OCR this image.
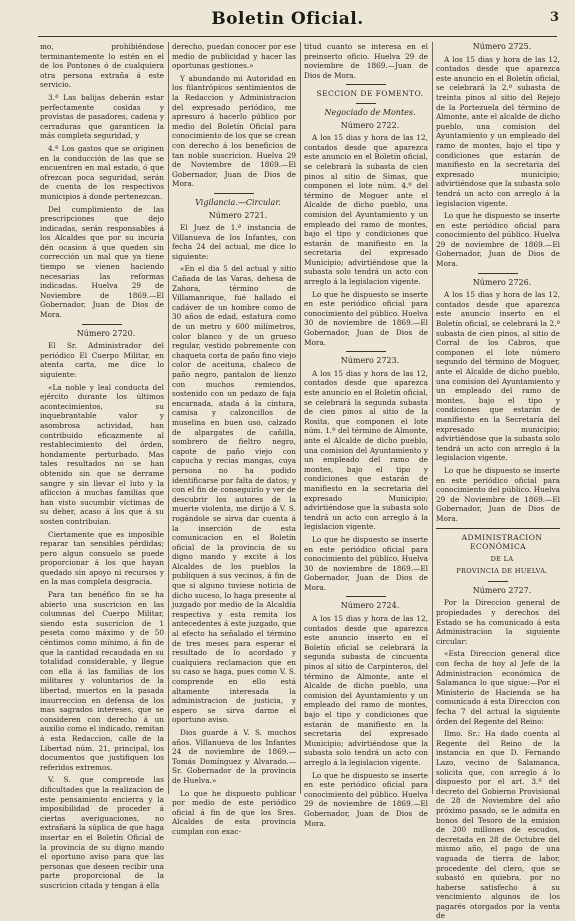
Boletin Oficial.	3

mo, prohibiéndose terminantemente lo estén en el de los Pontones ó de cualquiera otra persona extraña á este servicio.

3.ª Las balijas deberán estar perfectamente cosidas y provistas de pasadores, cadena y cerraduras que garanticen la más completa seguridad, y

4.ª Los gastos que se originen en la conducción de las que se encuentren en mal estado, ó que ofrezcan poca seguridad, serán de cuenta de los respectivos municipios á donde pertenezcan.

Del cumplimiento de las prescripciones que dejo indicadas, serán responsables á los Alcaldes que por su incuria dén ocasion á que queden sin corrección un mal que ya tiene tiempo se vienen haciendo necesarias las reformas indicadas. Huelva 29 de Noviembre de 1869.—El Gobernador, Juan de Dios de Mora.

Número 2720.

El Sr. Administrador del periódico El Cuerpo Militar, en atenta carta, me dice lo siguiente:

«La noble y leal conducta del ejército durante los últimos acontecimientos, su inquebrantable valor y asombrosa actividad, han contribuido eficazmente al restablecimiento del órden, hondamente perturbado. Mas tales resultados no se han obtenido sin que se derrame sangre y sin llevar el luto y la afliccion á muchas familias que han visto sucumbir víctimas de su deber, acaso á los que á su sosten contribuian.

Ciertamente que es imposible reparar tan sensibles pérdidas; pero algun consuelo se puede proporcionar á los que hayan quedado sin apoyo ni recursos y en la mas completa desgracia.

Para tan benéfico fin se ha abierto una suscricion en las columnas del Cuerpo Militar, siendo esta suscricion de 1 peseta como máximo y de 50 céntimos como mínimo, á fin de que la cantidad recaudada en su totalidad considerable, y llegue con ella á las familias de los militares y voluntarios de la libertad, muertos en la pasada insurreccion en defensa de los mas sagrados intereses, que se consideren con derecho á un auxilio como el indicado, remitan á esta Redaccion, calle de la Libertad núm. 21, principal, los documentos que justifiquen los referidos extremos.

V. S. que comprende las dificultades que la realizacion de este pensamiento encierra y la imposibilidad de proceder á ciertas averiguaciones, no extrañará la súplica de que haga insertar en el Boletín Oficial de la provincia de su digno mando el oportuno aviso para que las personas que deseen recibir una parte proporcional de la suscricion citada y tengan á ella

derecho, puedan conocer por ese medio de publicidad y hacer las oportunas gestiones.»

Y abundando mi Autoridad en los filantrópicos sentimientos de la Redaccion y Administracion del expresado periódico, me apresuro á hacerlo público por medio del Boletín Oficial para conocimiento de los que se crean con derecho á los beneficios de tan noble suscricion. Huelva 29 de Noviembre de 1869.—El Gobernador, Juan de Dios de Mora.

Vigilancia.—Circular.

Número 2721.

El Juez de 1.ª instancia de Villanueva de los Infantes, con fecha 24 del actual, me dice lo siguiente:

«En el dia 5 del actual y sitio Cañada de las Varas, dehesa de Zahora, término de Villamanrique, fué hallado el cadáver de un hombre como de 30 años de edad, estatura como de un metro y 600 milímetros, color blanco y de un grueso regular, vestido pobremente con chaqueta corta de paño fino viejo color de aceituna, chaleco de paño negro, pantalon de lienzo con muchos remiendos, sostenido con un pedazo de faja encarnada, atada á la cintura, camisa y calzoncillos de muselina en buen uso, calzado de alpargates de cañilla, sombrero de fieltro negro, capote de paño viejo con capucha y recias mangas, cuya persona no ha podido identificarse por falta de datos; y con el fin de conseguirlo y ver de descubrir los autores de la muerte violenta, me dirijo á V. S. rogándole se sirva dar cuenta á la inserción de esta comunicacion en el Boletín oficial de la provincia de su digno mando y excite á los Alcaldes de los pueblos la publiquen á sus vecinos, á fin de que si alguno tuviese noticia de dicho suceso, lo haga presente al juzgado por medio de la Alcaldía respectiva y esta remita los antecedentes á este juzgado, que al efecto ha señalado el término de tres meses para esperar el resultado de lo acordado y cualquiera reclamacion que en su caso se haga, pues como V. S. comprende en ello está altamente interesada la administracion de justicia, y espero se sirva darme el oportuno aviso.

Dios guarde á V. S. muchos años. Villanueva de los Infantes 24 de noviembre de 1869.—Tomás Domínguez y Alvarado.—Sr. Gobernador de la provincia de Huelva.»

Lo que he dispuesto publicar por medio de este periódico oficial á fin de que los Sres. Alcaldes de esta provincia cumplan con exac-

titud cuanto se interesa en el preinserto oficio. Huelva 29 de noviembre de 1869.—Juan de Dios de Mora.

SECCION DE FOMENTO.

Negociado de Montes.

Número 2722.

A los 15 dias y hora de las 12, contados desde que aparezca este anuncio en el Boletín oficial, se celebrará la subasta de cien pinos al sitio de Simas, que componen el lote núm. 4.º del término de Moguer ante el Alcalde de dicho pueblo, una comision del Ayuntamiento y un empleado del ramo de montes, bajo el tipo y condiciones que estarán de manifiesto en la secretaria del expresado Municipio; advirtiéndose que la subasta solo tendrá un acto con arreglo á la legislacion vigente.

Lo que he dispuesto se inserte en este periódico oficial para conocimiento del público. Huelva 30 de noviembre de 1869.—El Gobernador, Juan de Dios de Mora.

Número 2723.

A los 15 dias y hora de las 12, contados desde que aparezca este anuncio en el Boletín oficial, se celebrará la segunda subasta de cien pinos al sitio de la Rosita, que componen el lote núm. 1.º del término de Almonte, ante el Alcalde de dicho pueblo, una comision del Ayuntamiento y un empleado del ramo de montes, bajo el tipo y condiciones que estarán de manifiesto en la secretaria del expresado Municipio; advirtiéndose que la subasta solo tendrá un acto con arreglo á la legislacion vigente.

Lo que he dispuesto se inserte en este periódico oficial para conocimiento del público. Huelva 30 de noviembre de 1869.—El Gobernador, Juan de Dios de Mora.

Número 2724.

A los 15 dias y hora de las 12, contados desde que aparezca este anuncio inserto en el Boletín oficial se celebrará la segunda subasta de cincuenta pinos al sitio de Carpinteros, del término de Almonte, ante el Alcalde de dicho pueblo, una comision del Ayuntamiento y un empleado del ramo de montes, bajo el tipo y condiciones que estarán de manifiesto en la secretaria del expresado Municipio; advirtiéndose que la subasta solo tendrá un acto con arreglo á la legislacion vigente.

Lo que he dispuesto se inserte en este periódico oficial para conocimiento del público. Huelva 29 de noviembre de 1869.—El Gobernador, Juan de Dios de Mora.

Número 2725.

A los 15 dias y hora de las 12, contados desde que aparezca este anuncio en el Boletín oficial, se celebrará la 2.ª subasta de treinta pinos al sitio del Rejejo de la Portezuela del término de Almonte, ante el alcalde de dicho pueblo, una comision del Ayuntamiento y un empleado del ramo de montes, bajo el tipo y condiciones que estarán de manifiesto en la secretaria del expresado municipio; advirtiéndose que la subasta solo tendrá un acto con arreglo á la legislacion vigente.

Lo que he dispuesto se inserte en este periódico oficial para conocimiento del público. Huelva 29 de noviembre de 1869.—El Gobernador, Juan de Dios de Mora.

Número 2726.

A los 15 dias y hora de las 12, contados desde que aparezca este anuncio inserto en el Boletín oficial, se celebrará la 2.ª subasta de cien pinos, al sitio de Corral de los Cabros, que componen el lote número segundo del término de Moguer, ante el Alcalde de dicho pueblo, una comision del Ayuntamiento y un empleado del ramo de montes, bajo el tipo y condiciones que estarán de manifiesto en la Secretaría del expresado municipio; advirtiéndose que la subasta solo tendrá un acto con arreglo á la legislacion vigente.

Lo que he dispuesto se inserte en este periódico oficial para conocimiento del público. Huelva 29 de Noviembre de 1869.—El Gobernador, Juan de Dios de Mora.

ADMINISTRACION ECONÓMICA

DE LA

PROVINCIA DE HUELVA.

Número 2727.

Por la Direccion general de propiedades y derechos del Estado se ha comunicado á esta Administracion la siguiente circular:

«Esta Direccion general dice con fecha de hoy al Jefe de la Administracion económica de Salamanca lo que sigue:—Por el Ministerio de Hacienda se ha comunicado á esta Direccion con fecha 7 del actual la siguiente órden del Regente del Reino:

Ilmo. Sr.: Ha dado cuenta al Regente del Reino de la instancia en que D. Fernando Lazo, vecino de Salamanca, solicita que, con arreglo á lo dispuesto por el art. 3.º del decreto del Gobierno Provisional de 28 de Noviembre del año próximo pasado, se le admita en bonos del Tesoro de la emision de 200 millones de escudos, decretada en 28 de Octubre del mismo año, el pago de una vaguada de tierra de labor, procedente del clero, que se subastó en quiebra, por no haberse satisfecho á su vencimiento algunos de los pagarés otorgados por la venta de
